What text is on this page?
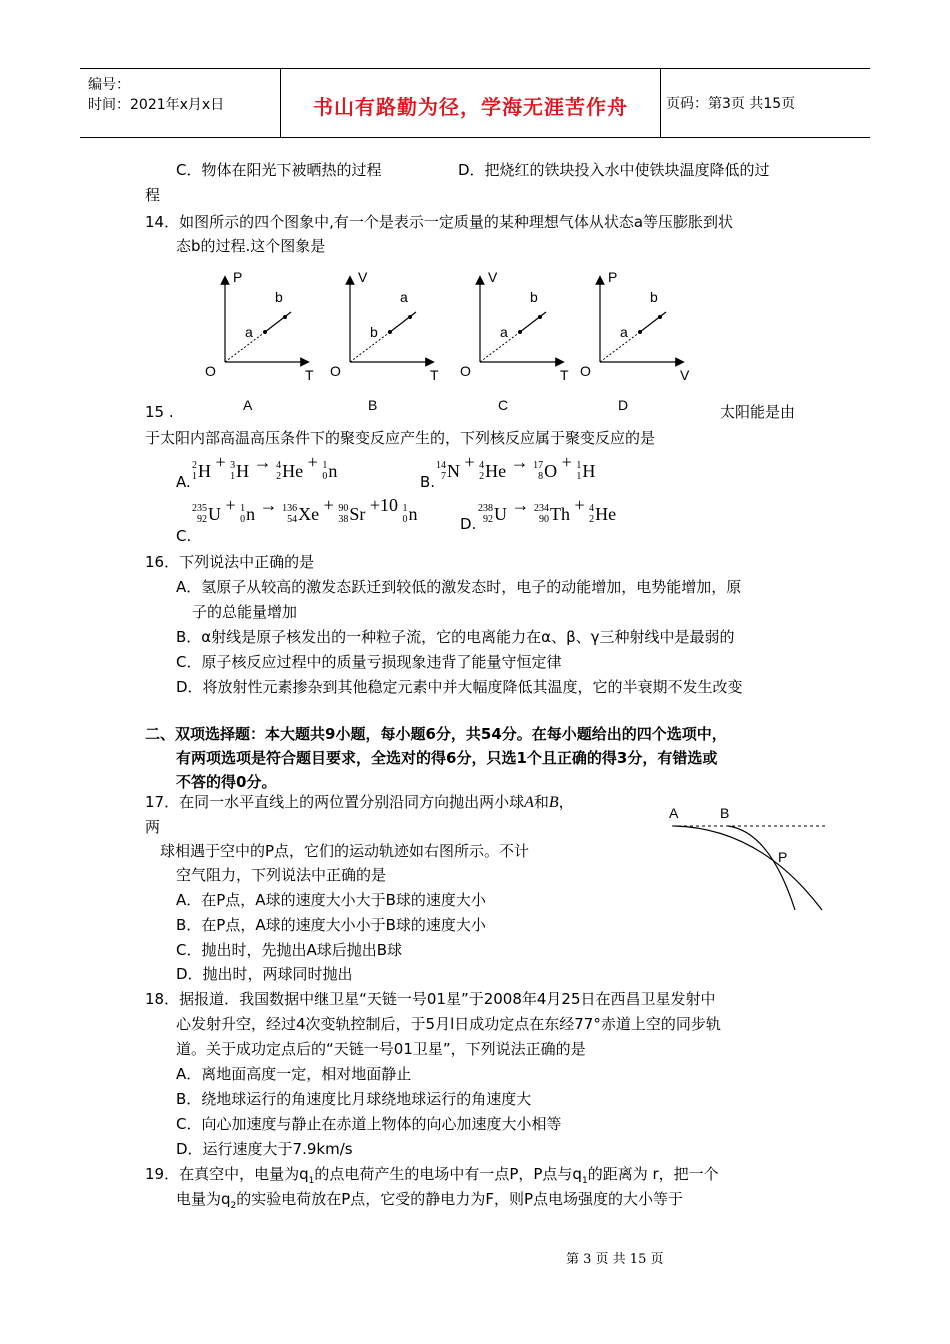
编号：
时间：2021年x月x日	书山有路勤为径，学海无涯苦作舟	页码：第3页 共15页
C．物体在阳光下被晒热的过程	D．把烧红的铁块投入水中使铁块温度降低的过
程
14．如图所示的四个图象中,有一个是表示一定质量的某种理想气体从状态a等压膨胀到状
态b的过程.这个图象是
P
T
O
b
a
A
V
T
O
a
b
B
V
T
O
b
a
C
P
V
O
b
a
D
15 .	太阳能是由
于太阳内部高温高压条件下的聚变反应产生的，下列核反应属于聚变反应的是
A.
2
1 H + 3
1 H → 4
2 He + 1
0 n
B.
14
7 N + 4
2 He → 17
8 O + 1
1 H
C.
235
92 U + 1
0 n → 136
54 Xe + 90
38 Sr +10 1
0 n
D.
238
92 U → 234
90 Th + 4
2 He
16．下列说法中正确的是
A．氢原子从较高的激发态跃迁到较低的激发态时，电子的动能增加，电势能增加，原
子的总能量增加
B．α射线是原子核发出的一种粒子流，它的电离能力在α、β、γ三种射线中是最弱的
C．原子核反应过程中的质量亏损现象违背了能量守恒定律
D．将放射性元素掺杂到其他稳定元素中并大幅度降低其温度，它的半衰期不发生改变
二、双项选择题：本大题共9小题，每小题6分，共54分。在每小题给出的四个选项中，
有两项选项是符合题目要求，全选对的得6分，只选1个且正确的得3分，有错选或
不答的得0分。
17．在同一水平直线上的两位置分别沿同方向抛出两小球A和B，
两
球相遇于空中的P点，它们的运动轨迹如右图所示。不计
空气阻力，下列说法中正确的是
A．在P点，A球的速度大小大于B球的速度大小
B．在P点，A球的速度大小小于B球的速度大小
C．抛出时，先抛出A球后抛出B球
D．抛出时，两球同时抛出
A	B
P
18．据报道．我国数据中继卫星“天链一号01星”于2008年4月25日在西昌卫星发射中
心发射升空，经过4次变轨控制后，于5月l日成功定点在东经77°赤道上空的同步轨
道。关于成功定点后的“天链一号01卫星”，下列说法正确的是
A．离地面高度一定，相对地面静止
B．绕地球运行的角速度比月球绕地球运行的角速度大
C．向心加速度与静止在赤道上物体的向心加速度大小相等
D．运行速度大于7.9km/s
19．在真空中，电量为$q_1$的点电荷产生的电场中有一点P，P点与$q_1$的距离为 r，把一个
电量为$q_2$的实验电荷放在P点，它受的静电力为F，则P点电场强度的大小等于
第 3 页 共 15 页
